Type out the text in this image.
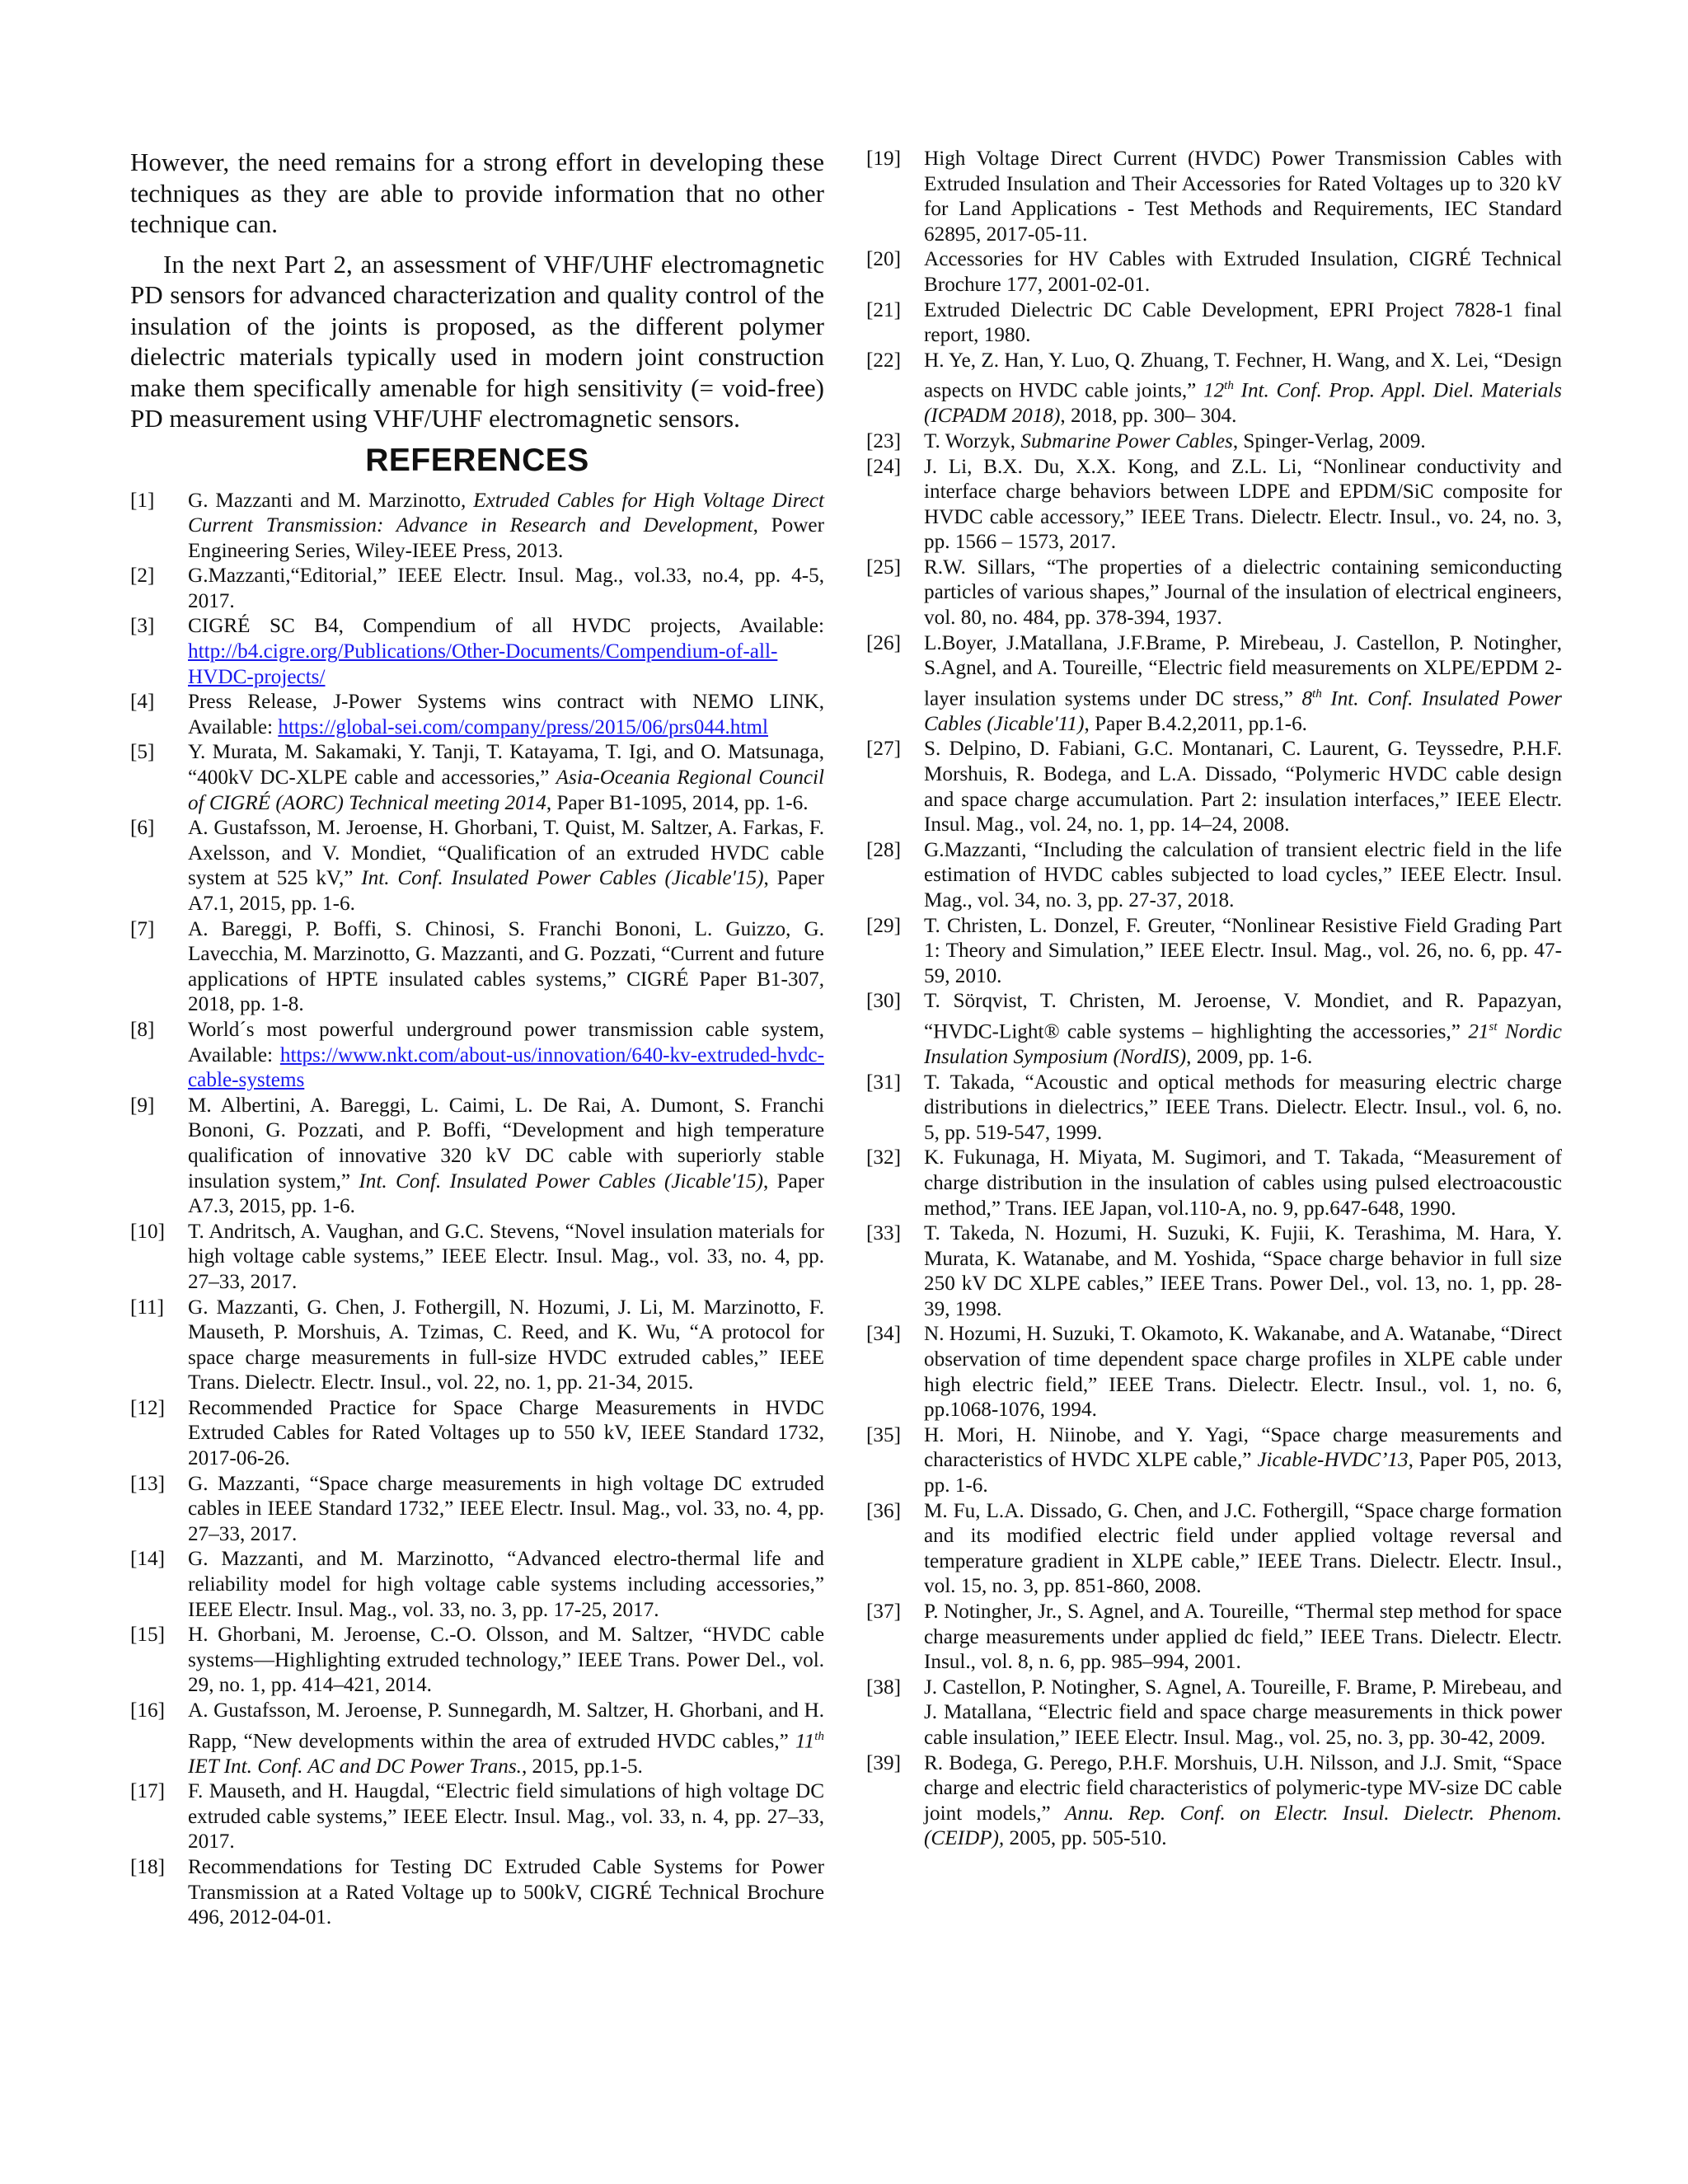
However, the need remains for a strong effort in developing these techniques as they are able to provide information that no other technique can.

In the next Part 2, an assessment of VHF/UHF electromagnetic PD sensors for advanced characterization and quality control of the insulation of the joints is proposed, as the different polymer dielectric materials typically used in modern joint construction make them specifically amenable for high sensitivity (= void-free) PD measurement using VHF/UHF electromagnetic sensors.

REFERENCES
[1]	G. Mazzanti and M. Marzinotto, Extruded Cables for High Voltage Direct Current Transmission: Advance in Research and Development, Power Engineering Series, Wiley-IEEE Press, 2013.
[2]	G.Mazzanti,“Editorial,” IEEE Electr. Insul. Mag., vol.33, no.4, pp. 4-5, 2017.
[3]	CIGRÉ SC B4, Compendium of all HVDC projects, Available: http://b4.cigre.org/Publications/Other-Documents/Compendium-of-all-HVDC-projects/
[4]	Press Release, J-Power Systems wins contract with NEMO LINK, Available: https://global-sei.com/company/press/2015/06/prs044.html
[5]	Y. Murata, M. Sakamaki, Y. Tanji, T. Katayama, T. Igi, and O. Matsunaga, “400kV DC-XLPE cable and accessories,” Asia-Oceania Regional Council of CIGRÉ (AORC) Technical meeting 2014, Paper B1-1095, 2014, pp. 1-6.
[6]	A. Gustafsson, M. Jeroense, H. Ghorbani, T. Quist, M. Saltzer, A. Farkas, F. Axelsson, and V. Mondiet, “Qualification of an extruded HVDC cable system at 525 kV,” Int. Conf. Insulated Power Cables (Jicable'15), Paper A7.1, 2015, pp. 1-6.
[7]	A. Bareggi, P. Boffi, S. Chinosi, S. Franchi Bononi, L. Guizzo, G. Lavecchia, M. Marzinotto, G. Mazzanti, and G. Pozzati, “Current and future applications of HPTE insulated cables systems,” CIGRÉ Paper B1-307, 2018, pp. 1-8.
[8]	World´s most powerful underground power transmission cable system, Available: https://www.nkt.com/about-us/innovation/640-kv-extruded-hvdc-cable-systems
[9]	M. Albertini, A. Bareggi, L. Caimi, L. De Rai, A. Dumont, S. Franchi Bononi, G. Pozzati, and P. Boffi, “Development and high temperature qualification of innovative 320 kV DC cable with superiorly stable insulation system,” Int. Conf. Insulated Power Cables (Jicable'15), Paper A7.3, 2015, pp. 1-6.
[10]	T. Andritsch, A. Vaughan, and G.C. Stevens, “Novel insulation materials for high voltage cable systems,” IEEE Electr. Insul. Mag., vol. 33, no. 4, pp. 27–33, 2017.
[11]	G. Mazzanti, G. Chen, J. Fothergill, N. Hozumi, J. Li, M. Marzinotto, F. Mauseth, P. Morshuis, A. Tzimas, C. Reed, and K. Wu, “A protocol for space charge measurements in full-size HVDC extruded cables,” IEEE Trans. Dielectr. Electr. Insul., vol. 22, no. 1, pp. 21-34, 2015.
[12]	Recommended Practice for Space Charge Measurements in HVDC Extruded Cables for Rated Voltages up to 550 kV, IEEE Standard 1732, 2017-06-26.
[13]	G. Mazzanti, “Space charge measurements in high voltage DC extruded cables in IEEE Standard 1732,” IEEE Electr. Insul. Mag., vol. 33, no. 4, pp. 27–33, 2017.
[14]	G. Mazzanti, and M. Marzinotto, “Advanced electro-thermal life and reliability model for high voltage cable systems including accessories,” IEEE Electr. Insul. Mag., vol. 33, no. 3, pp. 17-25, 2017.
[15]	H. Ghorbani, M. Jeroense, C.-O. Olsson, and M. Saltzer, “HVDC cable systems—Highlighting extruded technology,” IEEE Trans. Power Del., vol. 29, no. 1, pp. 414–421, 2014.
[16]	A. Gustafsson, M. Jeroense, P. Sunnegardh, M. Saltzer, H. Ghorbani, and H. Rapp, “New developments within the area of extruded HVDC cables,” 11th IET Int. Conf. AC and DC Power Trans., 2015, pp.1-5.
[17]	F. Mauseth, and H. Haugdal, “Electric field simulations of high voltage DC extruded cable systems,” IEEE Electr. Insul. Mag., vol. 33, n. 4, pp. 27–33, 2017.
[18]	Recommendations for Testing DC Extruded Cable Systems for Power Transmission at a Rated Voltage up to 500kV, CIGRÉ Technical Brochure 496, 2012-04-01.
[19]	High Voltage Direct Current (HVDC) Power Transmission Cables with Extruded Insulation and Their Accessories for Rated Voltages up to 320 kV for Land Applications - Test Methods and Requirements, IEC Standard 62895, 2017-05-11.
[20]	Accessories for HV Cables with Extruded Insulation, CIGRÉ Technical Brochure 177, 2001-02-01.
[21]	Extruded Dielectric DC Cable Development, EPRI Project 7828-1 final report, 1980.
[22]	H. Ye, Z. Han, Y. Luo, Q. Zhuang, T. Fechner, H. Wang, and X. Lei, “Design aspects on HVDC cable joints,” 12th Int. Conf. Prop. Appl. Diel. Materials (ICPADM 2018), 2018, pp. 300– 304.
[23]	T. Worzyk, Submarine Power Cables, Spinger-Verlag, 2009.
[24]	J. Li, B.X. Du, X.X. Kong, and Z.L. Li, “Nonlinear conductivity and interface charge behaviors between LDPE and EPDM/SiC composite for HVDC cable accessory,” IEEE Trans. Dielectr. Electr. Insul., vo. 24, no. 3, pp. 1566 – 1573, 2017.
[25]	R.W. Sillars, “The properties of a dielectric containing semiconducting particles of various shapes,” Journal of the insulation of electrical engineers, vol. 80, no. 484, pp. 378-394, 1937.
[26]	L.Boyer, J.Matallana, J.F.Brame, P. Mirebeau, J. Castellon, P. Notingher, S.Agnel, and A. Toureille, “Electric field measurements on XLPE/EPDM 2-layer insulation systems under DC stress,” 8th Int. Conf. Insulated Power Cables (Jicable'11), Paper B.4.2,2011, pp.1-6.
[27]	S. Delpino, D. Fabiani, G.C. Montanari, C. Laurent, G. Teyssedre, P.H.F. Morshuis, R. Bodega, and L.A. Dissado, “Polymeric HVDC cable design and space charge accumulation. Part 2: insulation interfaces,” IEEE Electr. Insul. Mag., vol. 24, no. 1, pp. 14–24, 2008.
[28]	G.Mazzanti, “Including the calculation of transient electric field in the life estimation of HVDC cables subjected to load cycles,” IEEE Electr. Insul. Mag., vol. 34, no. 3, pp. 27-37, 2018.
[29]	T. Christen, L. Donzel, F. Greuter, “Nonlinear Resistive Field Grading Part 1: Theory and Simulation,” IEEE Electr. Insul. Mag., vol. 26, no. 6, pp. 47-59, 2010.
[30]	T. Sörqvist, T. Christen, M. Jeroense, V. Mondiet, and R. Papazyan, “HVDC-Light® cable systems – highlighting the accessories,” 21st Nordic Insulation Symposium (NordIS), 2009, pp. 1-6.
[31]	T. Takada, “Acoustic and optical methods for measuring electric charge distributions in dielectrics,” IEEE Trans. Dielectr. Electr. Insul., vol. 6, no. 5, pp. 519-547, 1999.
[32]	K. Fukunaga, H. Miyata, M. Sugimori, and T. Takada, “Measurement of charge distribution in the insulation of cables using pulsed electroacoustic method,” Trans. IEE Japan, vol.110-A, no. 9, pp.647-648, 1990.
[33]	T. Takeda, N. Hozumi, H. Suzuki, K. Fujii, K. Terashima, M. Hara, Y. Murata, K. Watanabe, and M. Yoshida, “Space charge behavior in full size 250 kV DC XLPE cables,” IEEE Trans. Power Del., vol. 13, no. 1, pp. 28-39, 1998.
[34]	N. Hozumi, H. Suzuki, T. Okamoto, K. Wakanabe, and A. Watanabe, “Direct observation of time dependent space charge profiles in XLPE cable under high electric field,” IEEE Trans. Dielectr. Electr. Insul., vol. 1, no. 6, pp.1068-1076, 1994.
[35]	H. Mori, H. Niinobe, and Y. Yagi, “Space charge measurements and characteristics of HVDC XLPE cable,” Jicable-HVDC’13, Paper P05, 2013, pp. 1-6.
[36]	M. Fu, L.A. Dissado, G. Chen, and J.C. Fothergill, “Space charge formation and its modified electric field under applied voltage reversal and temperature gradient in XLPE cable,” IEEE Trans. Dielectr. Electr. Insul., vol. 15, no. 3, pp. 851-860, 2008.
[37]	P. Notingher, Jr., S. Agnel, and A. Toureille, “Thermal step method for space charge measurements under applied dc field,” IEEE Trans. Dielectr. Electr. Insul., vol. 8, n. 6, pp. 985–994, 2001.
[38]	J. Castellon, P. Notingher, S. Agnel, A. Toureille, F. Brame, P. Mirebeau, and J. Matallana, “Electric field and space charge measurements in thick power cable insulation,” IEEE Electr. Insul. Mag., vol. 25, no. 3, pp. 30-42, 2009.
[39]	R. Bodega, G. Perego, P.H.F. Morshuis, U.H. Nilsson, and J.J. Smit, “Space charge and electric field characteristics of polymeric-type MV-size DC cable joint models,” Annu. Rep. Conf. on Electr. Insul. Dielectr. Phenom. (CEIDP), 2005, pp. 505-510.
